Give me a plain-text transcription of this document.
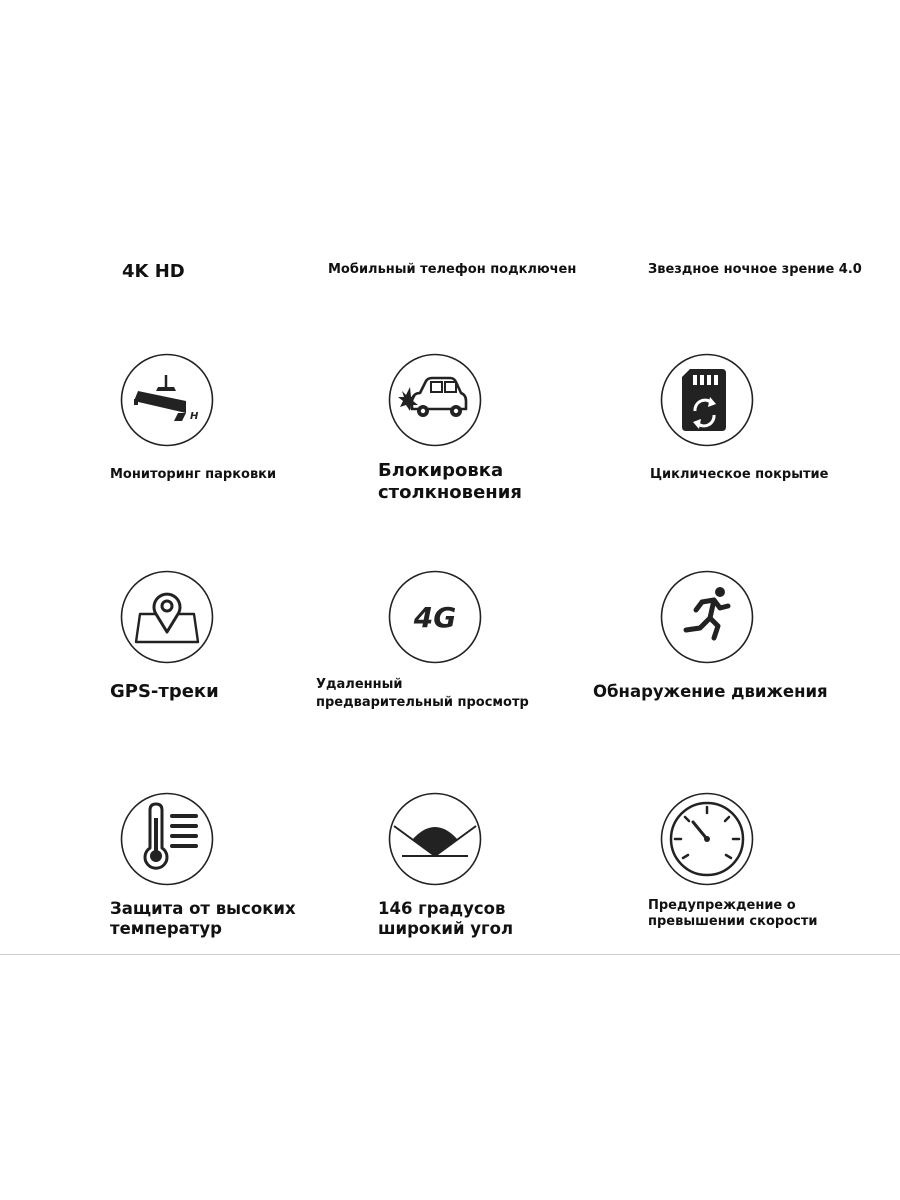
4K HD	Мобильный телефон подключен	Звездное ночное зрение 4.0
H
Мониторинг парковки	Блокировка
столкновения
Циклическое покрытие
4G
GPS-треки	Удаленный
предварительный просмотр
Обнаружение движения
Защита от высоких
температур
146 градусов
широкий угол
Предупреждение о
превышении скорости
